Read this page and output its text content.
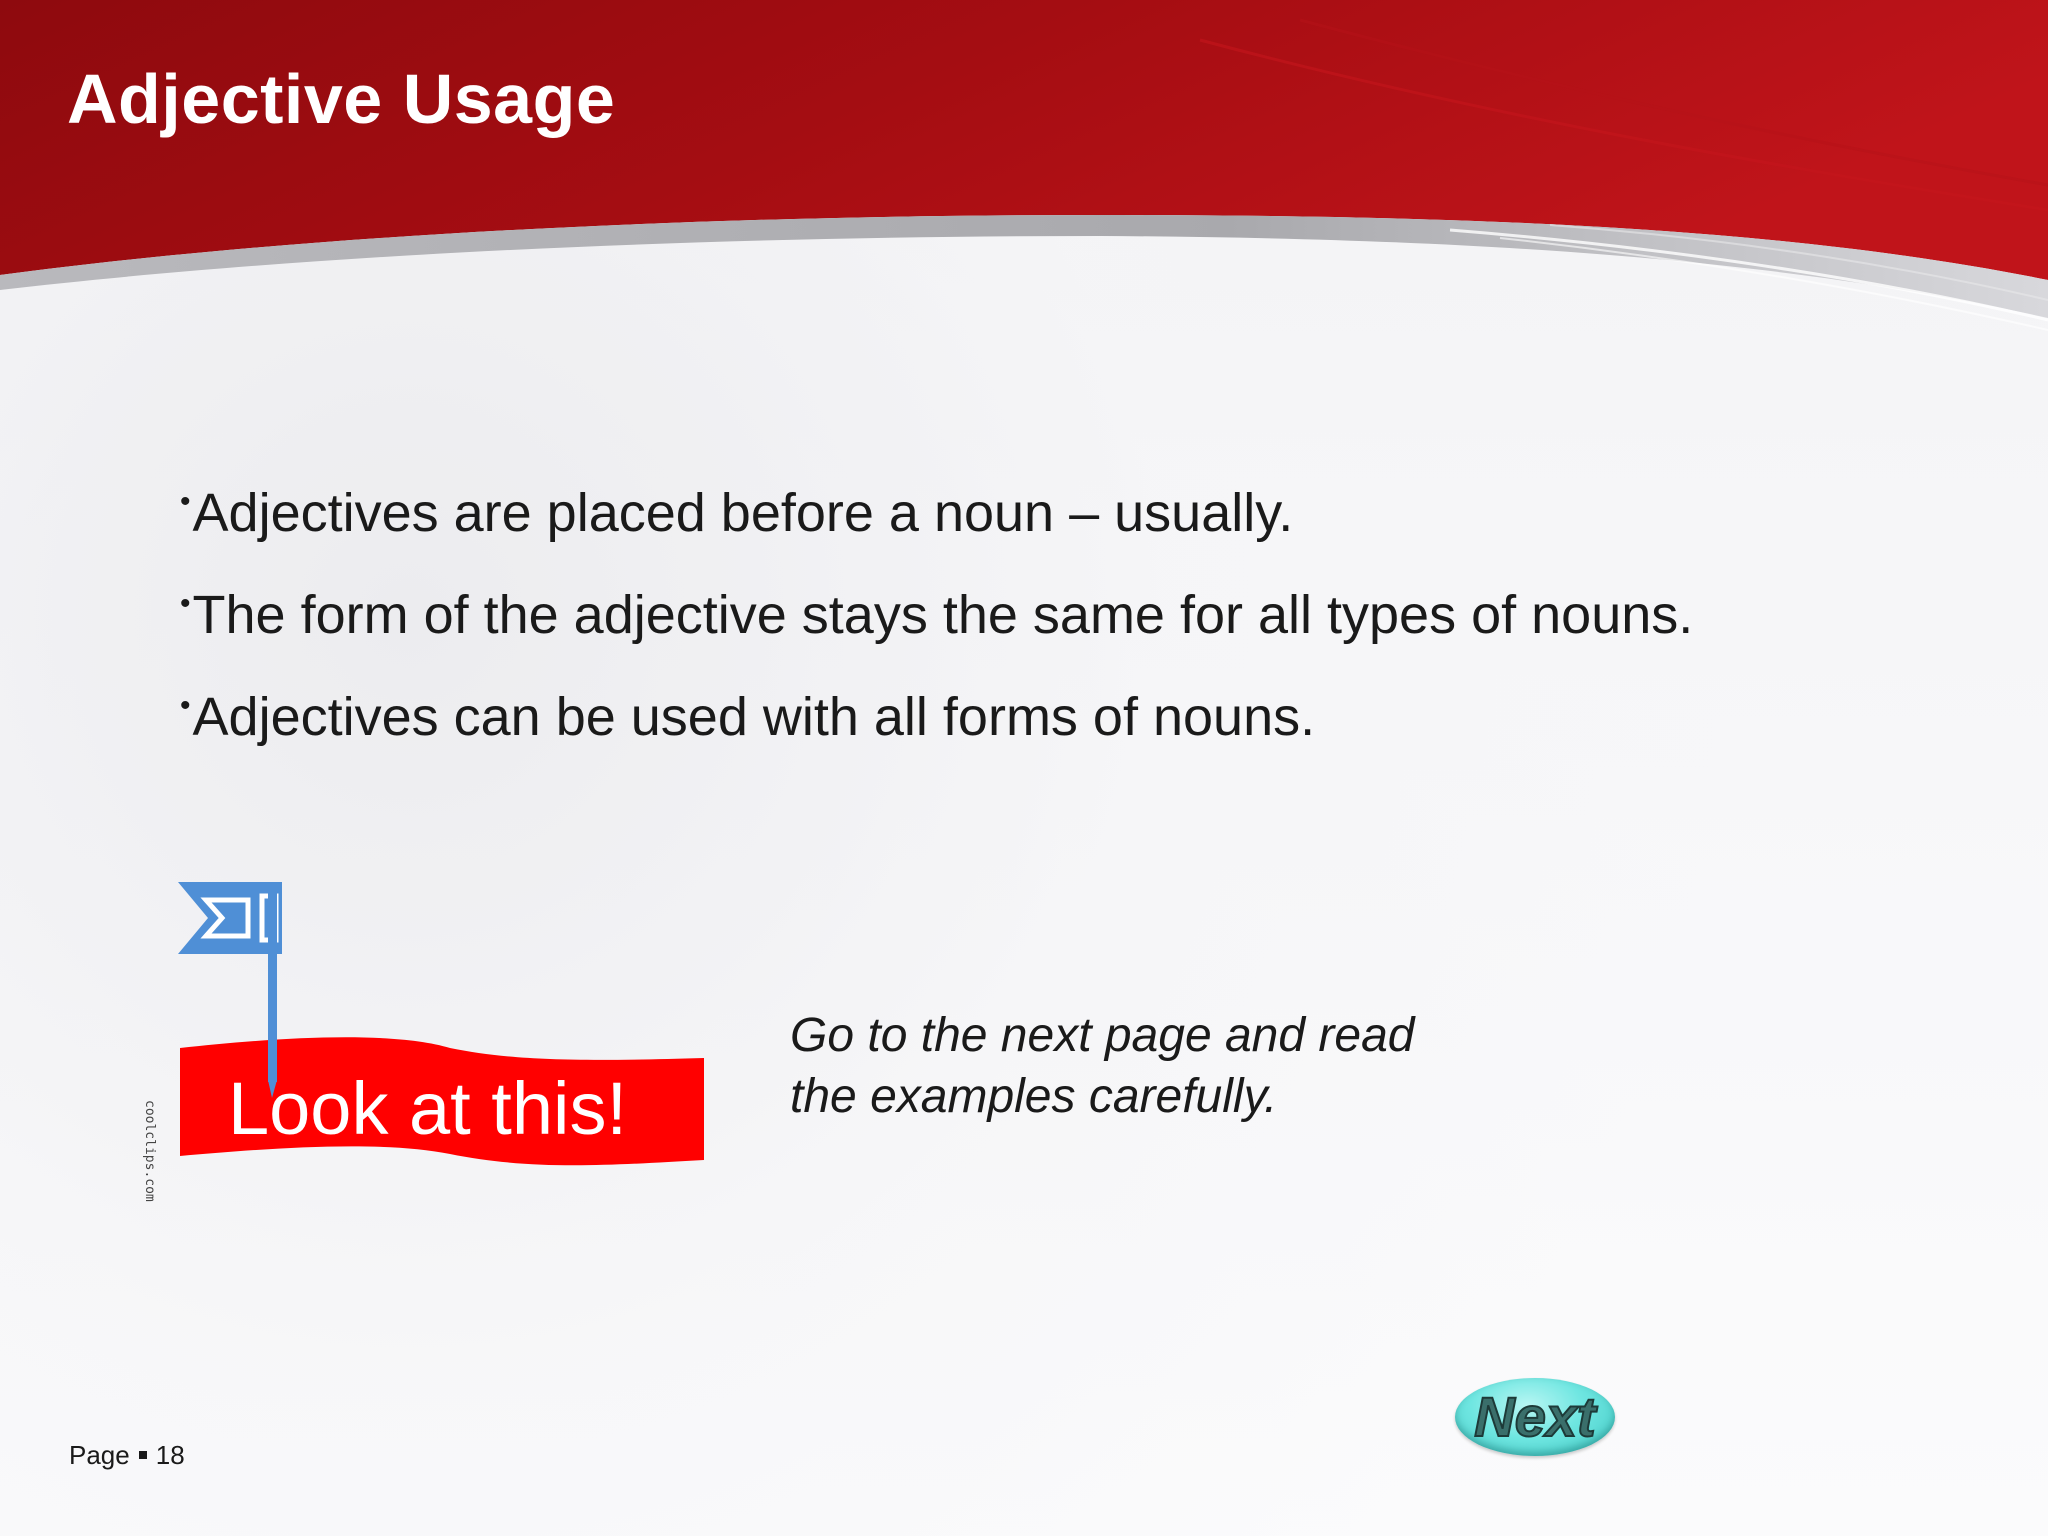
Adjective Usage
•Adjectives are placed before a noun – usually.
•The form of the adjective stays the same for all types of nouns.
•Adjectives can be used with all forms of nouns.
coolclips.com Look at this!

Go to the next page and read
the examples carefully.

Next
Page 18
